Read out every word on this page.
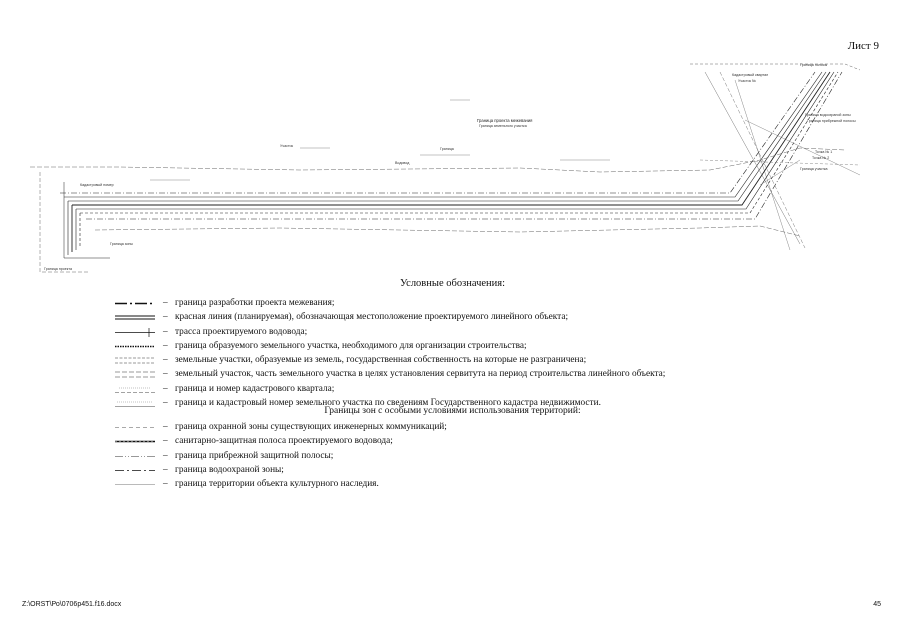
Лист 9
Граница проекта межевания
Граница земельного участка
Граница полосы
Кадастровый квартал
Участок №
Граница водоохраной зоны
Граница прибрежной полосы
Точка № 1
Точка № 2
Граница участка
Граница проекта
Кадастровый номер
Водовод
Граница зоны
Участок
Граница
Условные обозначения:
– граница разработки проекта межевания;
– красная линия (планируемая), обозначающая местоположение проектируемого линейного объекта;
– трасса проектируемого водовода;
– граница образуемого земельного участка, необходимого для организации строительства;
– земельные участки, образуемые из земель, государственная собственность на которые не разграничена;
– земельный участок, часть земельного участка в целях установления сервитута на период строительства линейного объекта;
– граница и номер кадастрового квартала;
– граница и кадастровый номер земельного участка по сведениям Государственного кадастра недвижимости.
Границы зон с особыми условиями использования территорий:
– граница охранной зоны существующих инженерных коммуникаций;
– санитарно-защитная полоса проектируемого водовода;
– граница прибрежной защитной полосы;
– граница водоохраной зоны;
– граница территории объекта культурного наследия.
Z:\ОRSТ\Ро\0706р451.f16.docx	45
